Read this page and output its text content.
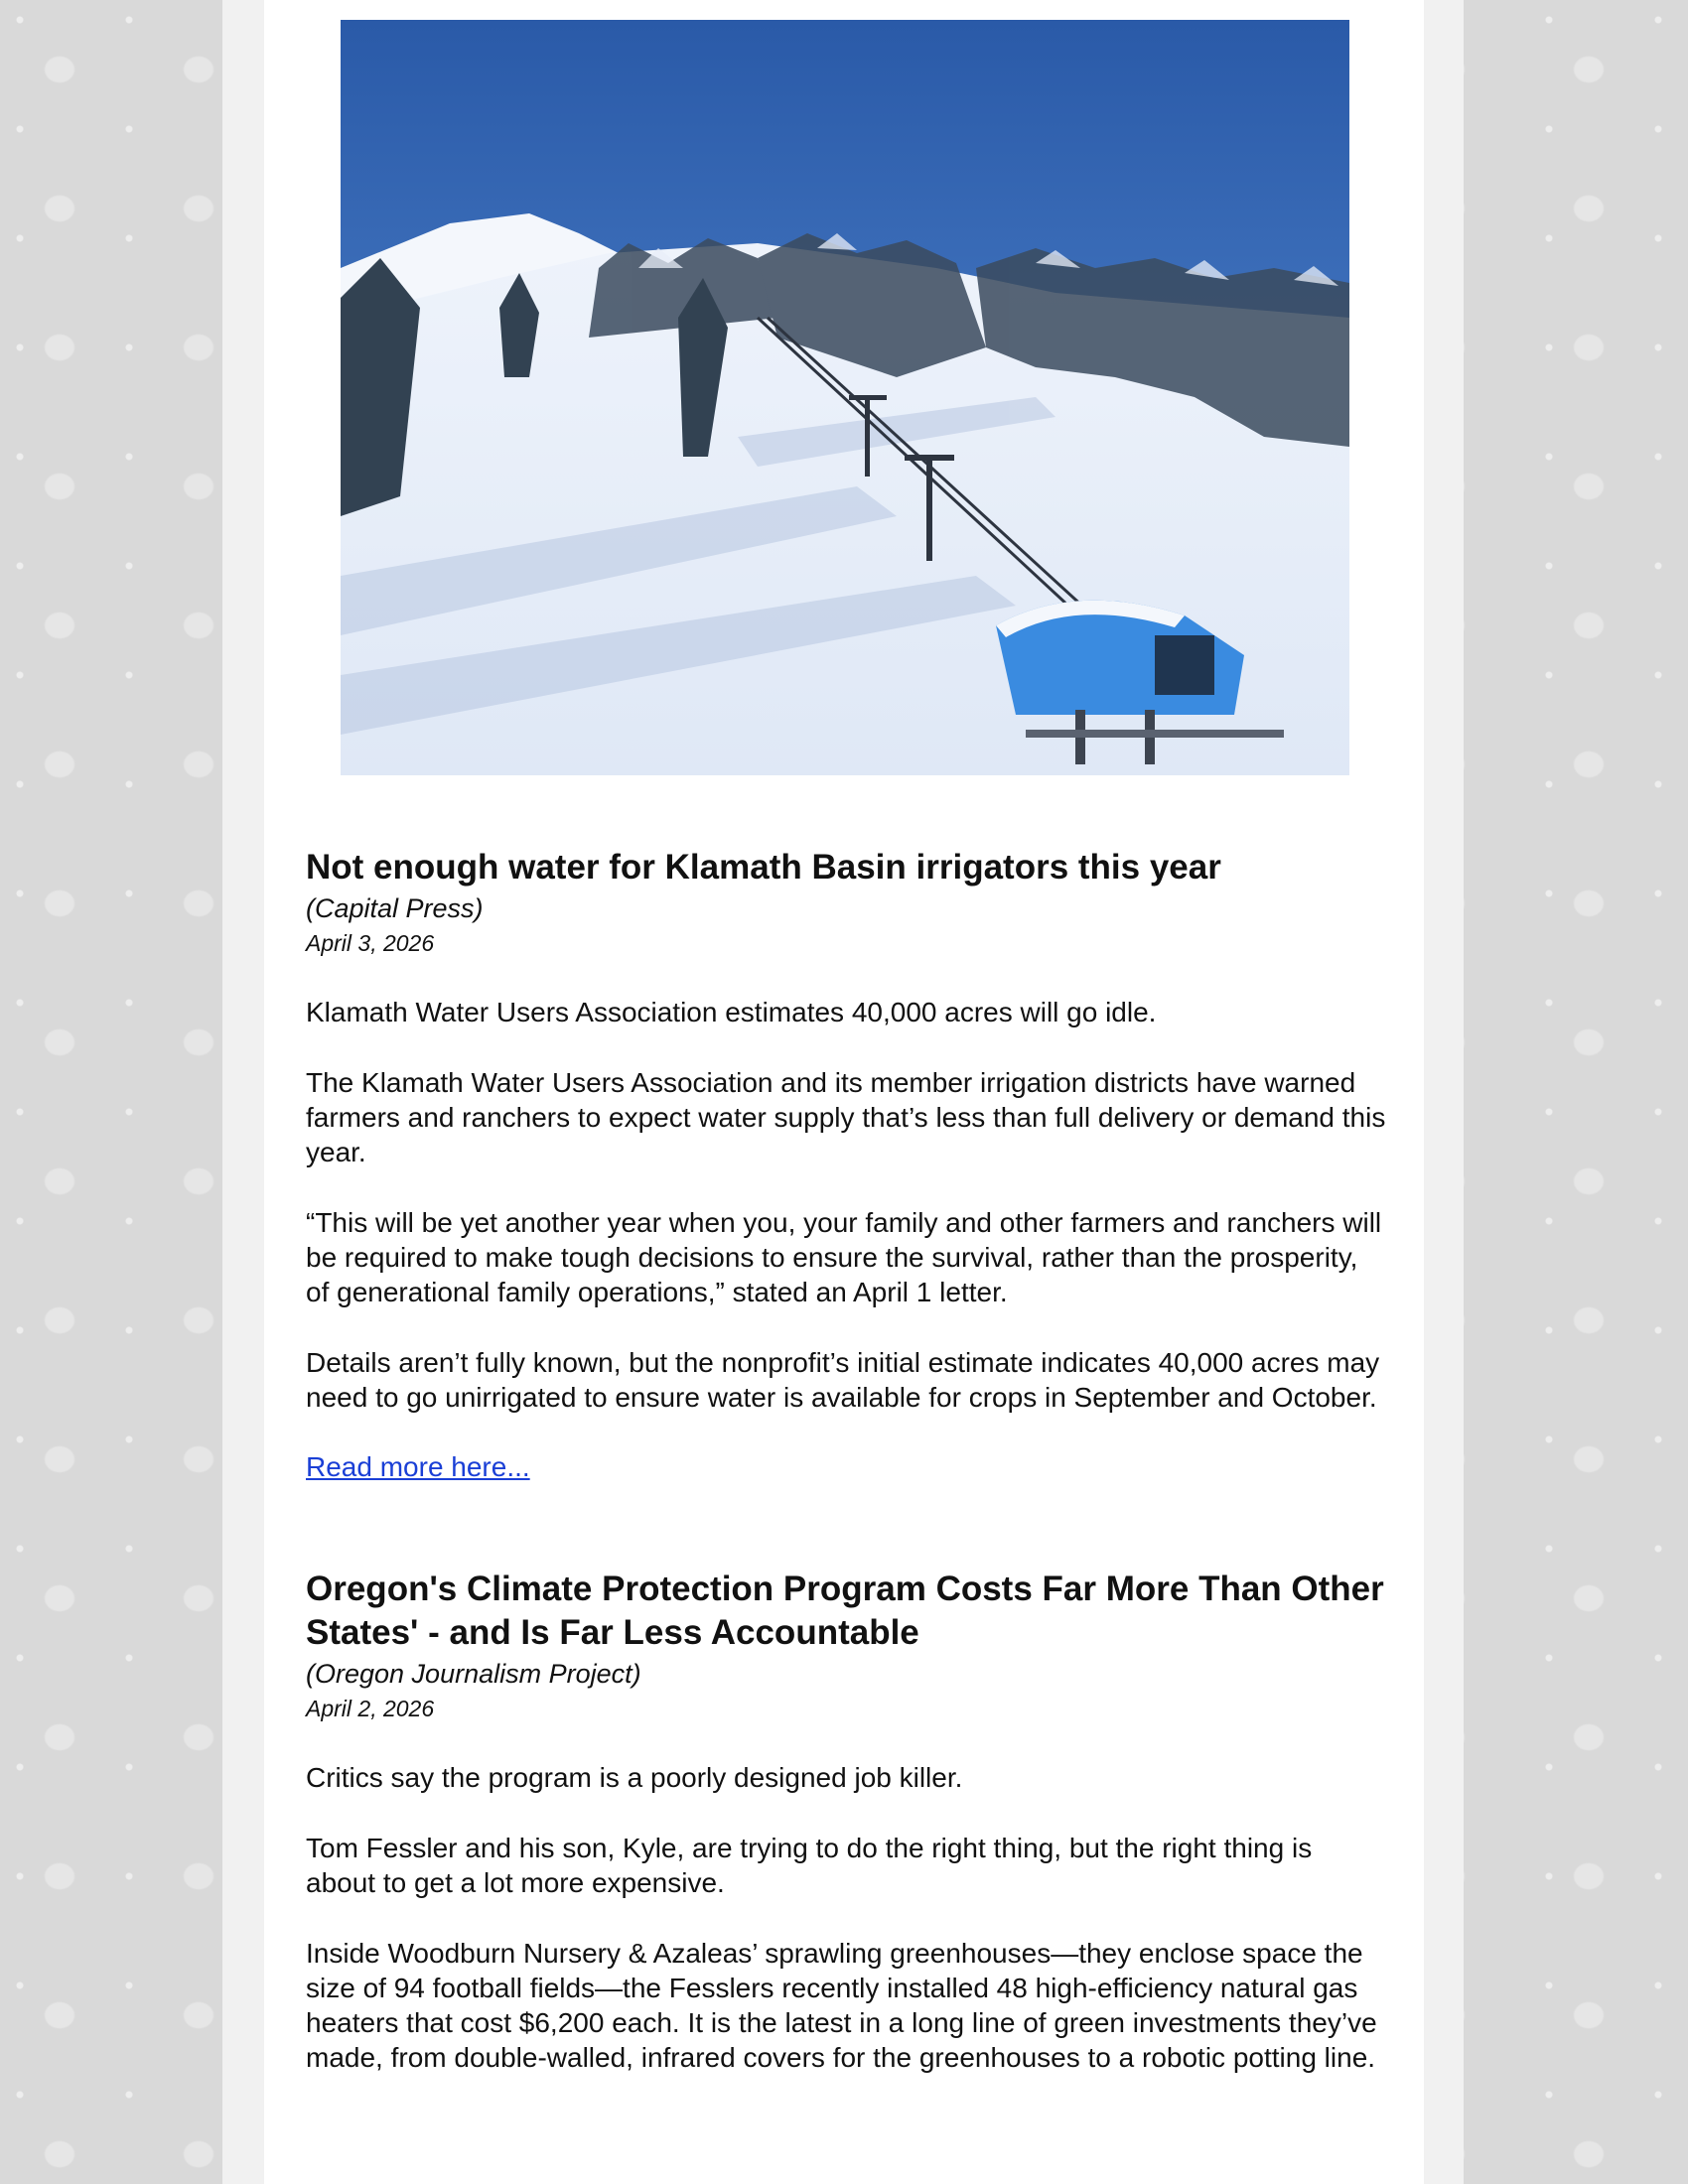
Not enough water for Klamath Basin irrigators this year
(Capital Press)
April 3, 2026

Klamath Water Users Association estimates 40,000 acres will go idle.

The Klamath Water Users Association and its member irrigation districts have warned farmers and ranchers to expect water supply that’s less than full delivery or demand this year.

“This will be yet another year when you, your family and other farmers and ranchers will be required to make tough decisions to ensure the survival, rather than the prosperity, of generational family operations,” stated an April 1 letter.

Details aren’t fully known, but the nonprofit’s initial estimate indicates 40,000 acres may need to go unirrigated to ensure water is available for crops in September and October.

Read more here...
Oregon's Climate Protection Program Costs Far More Than Other States' - and Is Far Less Accountable
(Oregon Journalism Project)
April 2, 2026

Critics say the program is a poorly designed job killer.

Tom Fessler and his son, Kyle, are trying to do the right thing, but the right thing is about to get a lot more expensive.

Inside Woodburn Nursery & Azaleas’ sprawling greenhouses—they enclose space the size of 94 football fields—the Fesslers recently installed 48 high-efficiency natural gas heaters that cost $6,200 each. It is the latest in a long line of green investments they’ve made, from double-walled, infrared covers for the greenhouses to a robotic potting line.
